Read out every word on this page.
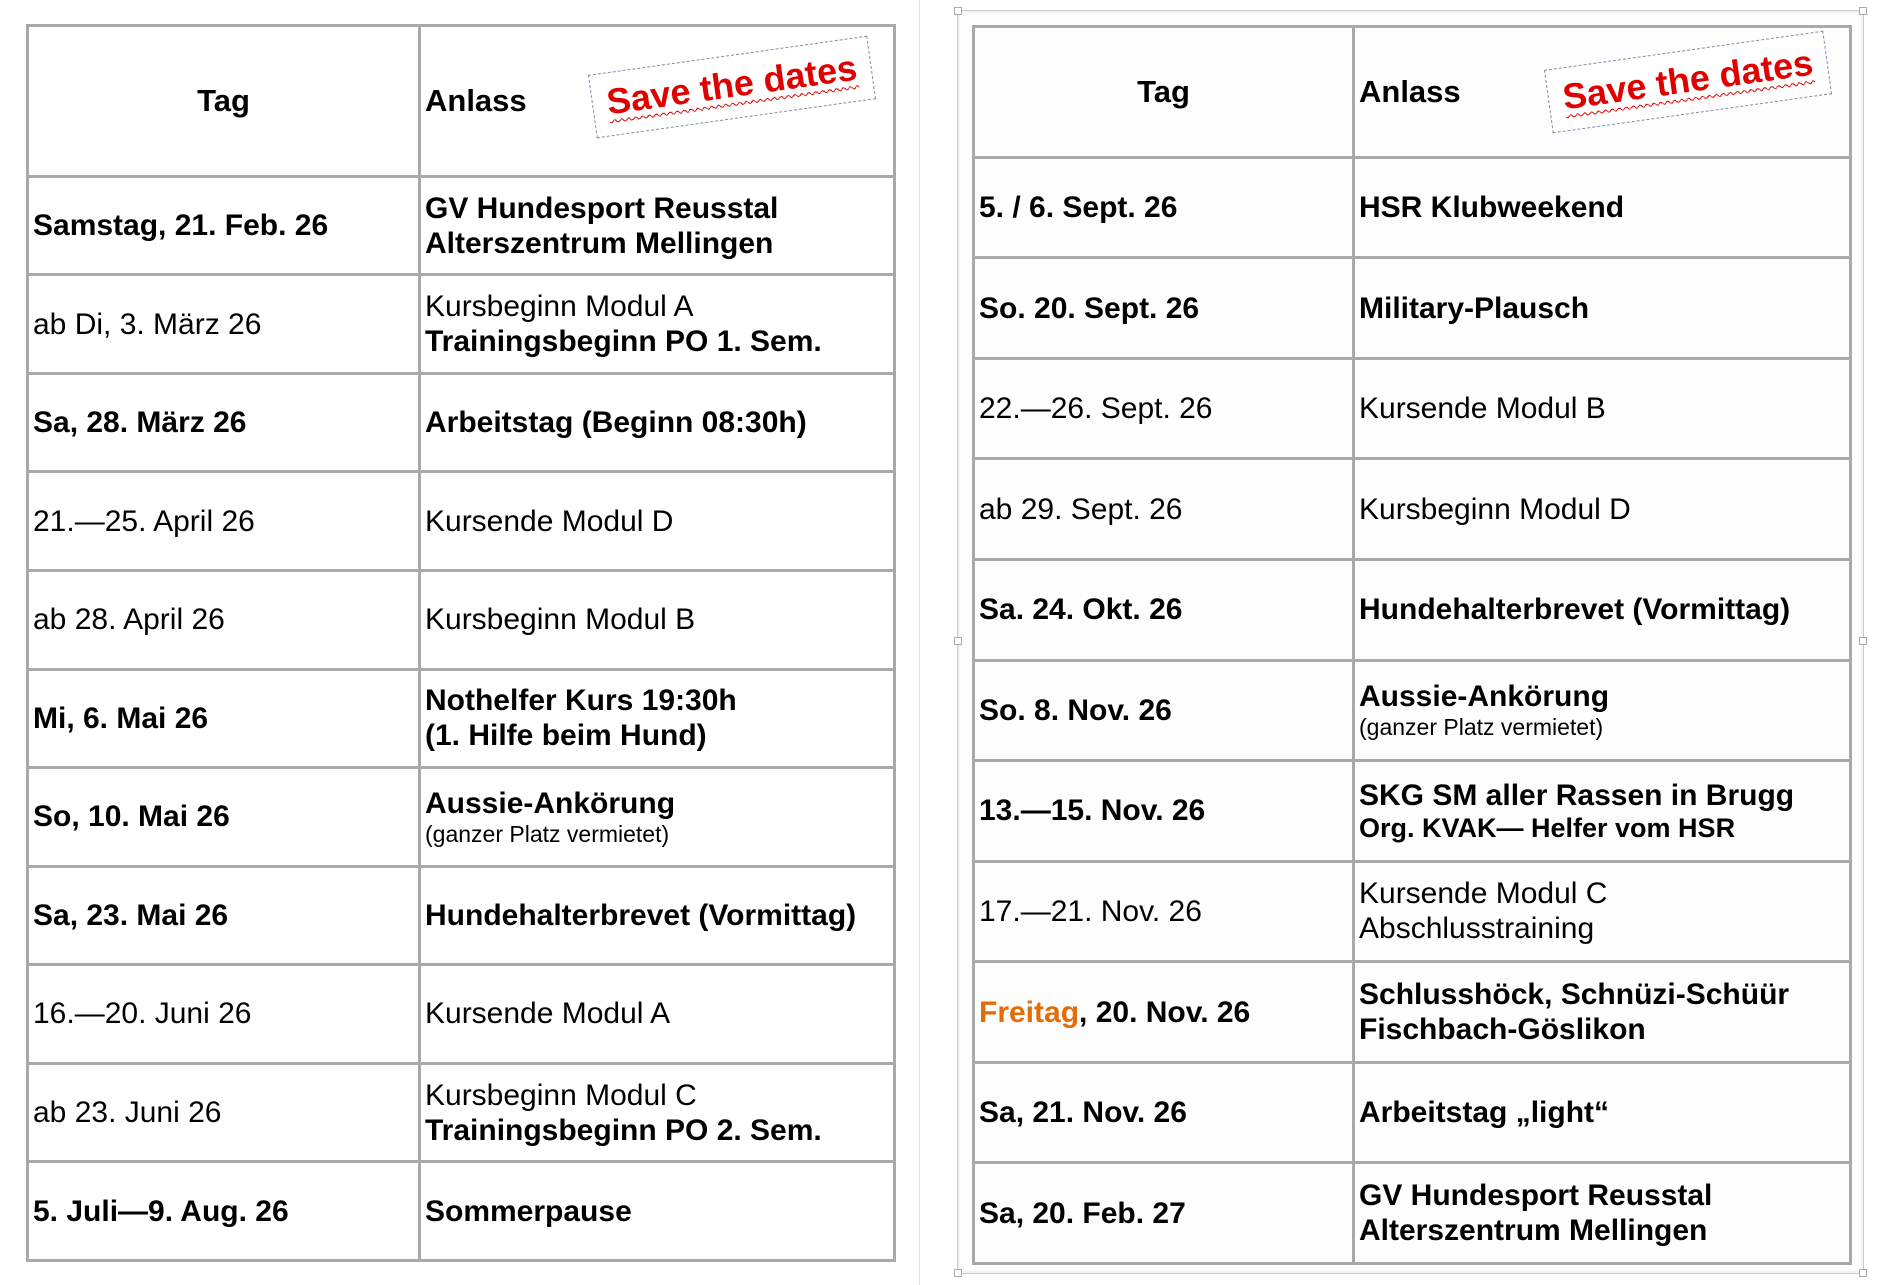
Tag	Anlass Save the dates

Samstag, 21. Feb. 26	GV Hundesport Reusstal
Alterszentrum Mellingen

ab Di, 3. März 26	Kursbeginn Modul A
Trainingsbeginn PO 1. Sem.

Sa, 28. März 26	Arbeitstag (Beginn 08:30h)

21.—25. April 26	Kursende Modul D

ab 28. April 26	Kursbeginn Modul B

Mi, 6. Mai 26	Nothelfer Kurs 19:30h
(1. Hilfe beim Hund)

So, 10. Mai 26	Aussie-Ankörung
(ganzer Platz vermietet)

Sa, 23. Mai 26	Hundehalterbrevet (Vormittag)

16.—20. Juni 26	Kursende Modul A

ab 23. Juni 26	Kursbeginn Modul C
Trainingsbeginn PO 2. Sem.

5. Juli—9. Aug. 26	Sommerpause
Tag	Anlass Save the dates

5. / 6. Sept. 26	HSR Klubweekend

So. 20. Sept. 26	Military-Plausch

22.—26. Sept. 26	Kursende Modul B

ab 29. Sept. 26	Kursbeginn Modul D

Sa. 24. Okt. 26	Hundehalterbrevet (Vormittag)

So. 8. Nov. 26	Aussie-Ankörung
(ganzer Platz vermietet)

13.—15. Nov. 26	SKG SM aller Rassen in Brugg
Org. KVAK— Helfer vom HSR

17.—21. Nov. 26	Kursende Modul C
Abschlusstraining

Freitag, 20. Nov. 26	Schlusshöck, Schnüzi-Schüür
Fischbach-Göslikon

Sa, 21. Nov. 26	Arbeitstag „light“

Sa, 20. Feb. 27	GV Hundesport Reusstal
Alterszentrum Mellingen
